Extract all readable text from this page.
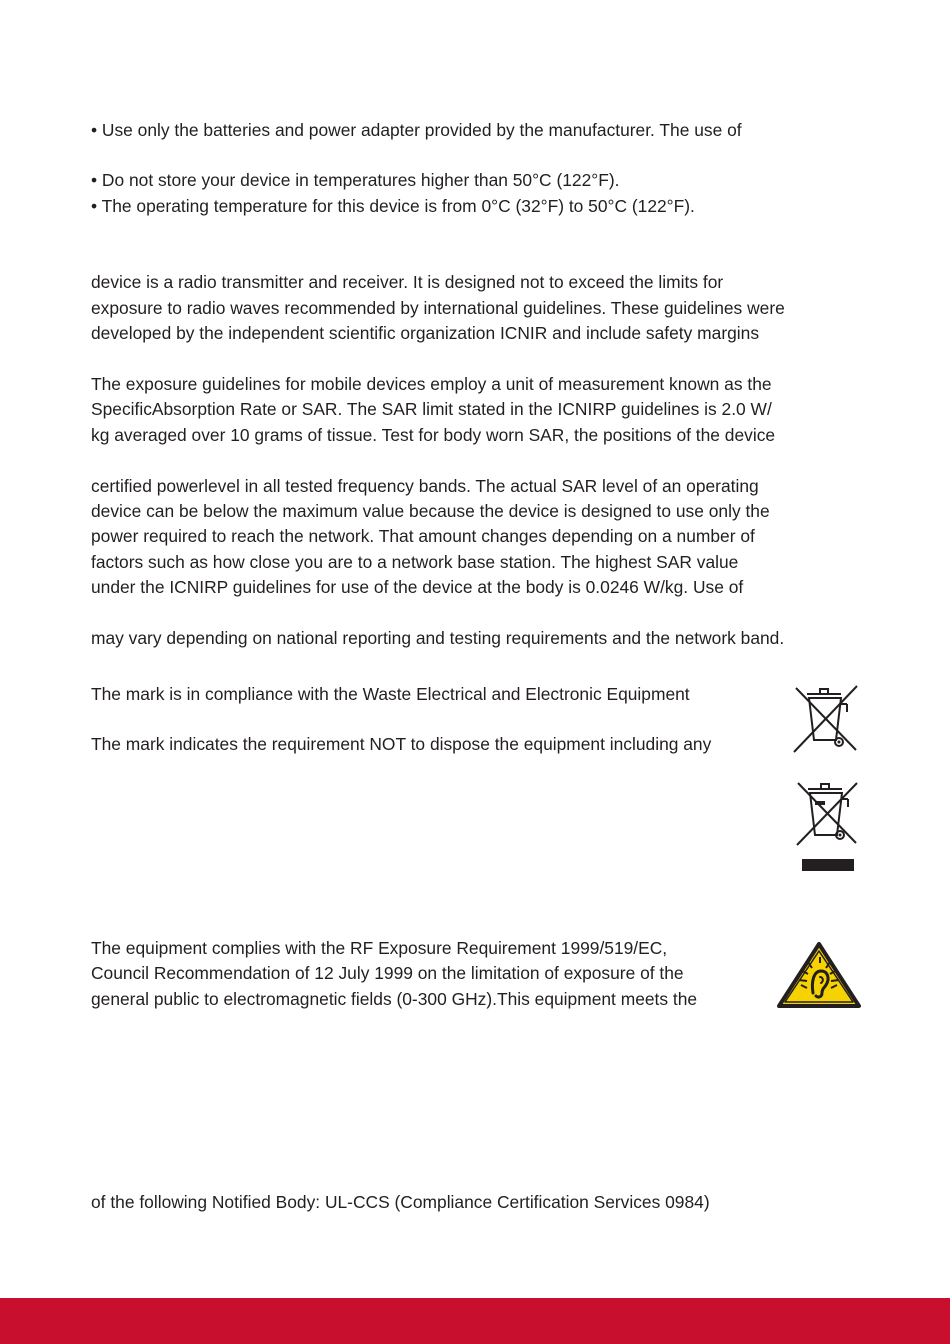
• Use only the batteries and power adapter provided by the manufacturer. The use of

• Do not store your device in temperatures higher than 50°C (122°F).

• The operating temperature for this device is from 0°C (32°F) to 50°C (122°F).

device is a radio transmitter and receiver. It is designed not to exceed the limits for

exposure to radio waves recommended by international guidelines. These guidelines were

developed by the independent scientific organization ICNIR and include safety margins

The exposure guidelines for mobile devices employ a unit of measurement known as the

SpecificAbsorption Rate or SAR. The SAR limit stated in the ICNIRP guidelines is 2.0 W/

kg averaged over 10 grams of tissue. Test for body worn SAR, the positions of the device

certified powerlevel in all tested frequency bands. The actual SAR level of an operating

device can be below the maximum value because the device is designed to use only the

power required to reach the network. That amount changes depending on a number of

factors such as how close you are to a network base station. The highest SAR value

under the ICNIRP guidelines for use of the device at the body is 0.0246 W/kg. Use of

may vary depending on national reporting and testing requirements and the network band.

The mark is in compliance with the Waste Electrical and Electronic Equipment

The mark indicates the requirement NOT to dispose the equipment including any

The equipment complies with the RF Exposure Requirement 1999/519/EC,

Council Recommendation of 12 July 1999 on the limitation of exposure of the

general public to electromagnetic fields (0-300 GHz).This equipment meets the

of the following Notified Body: UL-CCS (Compliance Certification Services 0984)
